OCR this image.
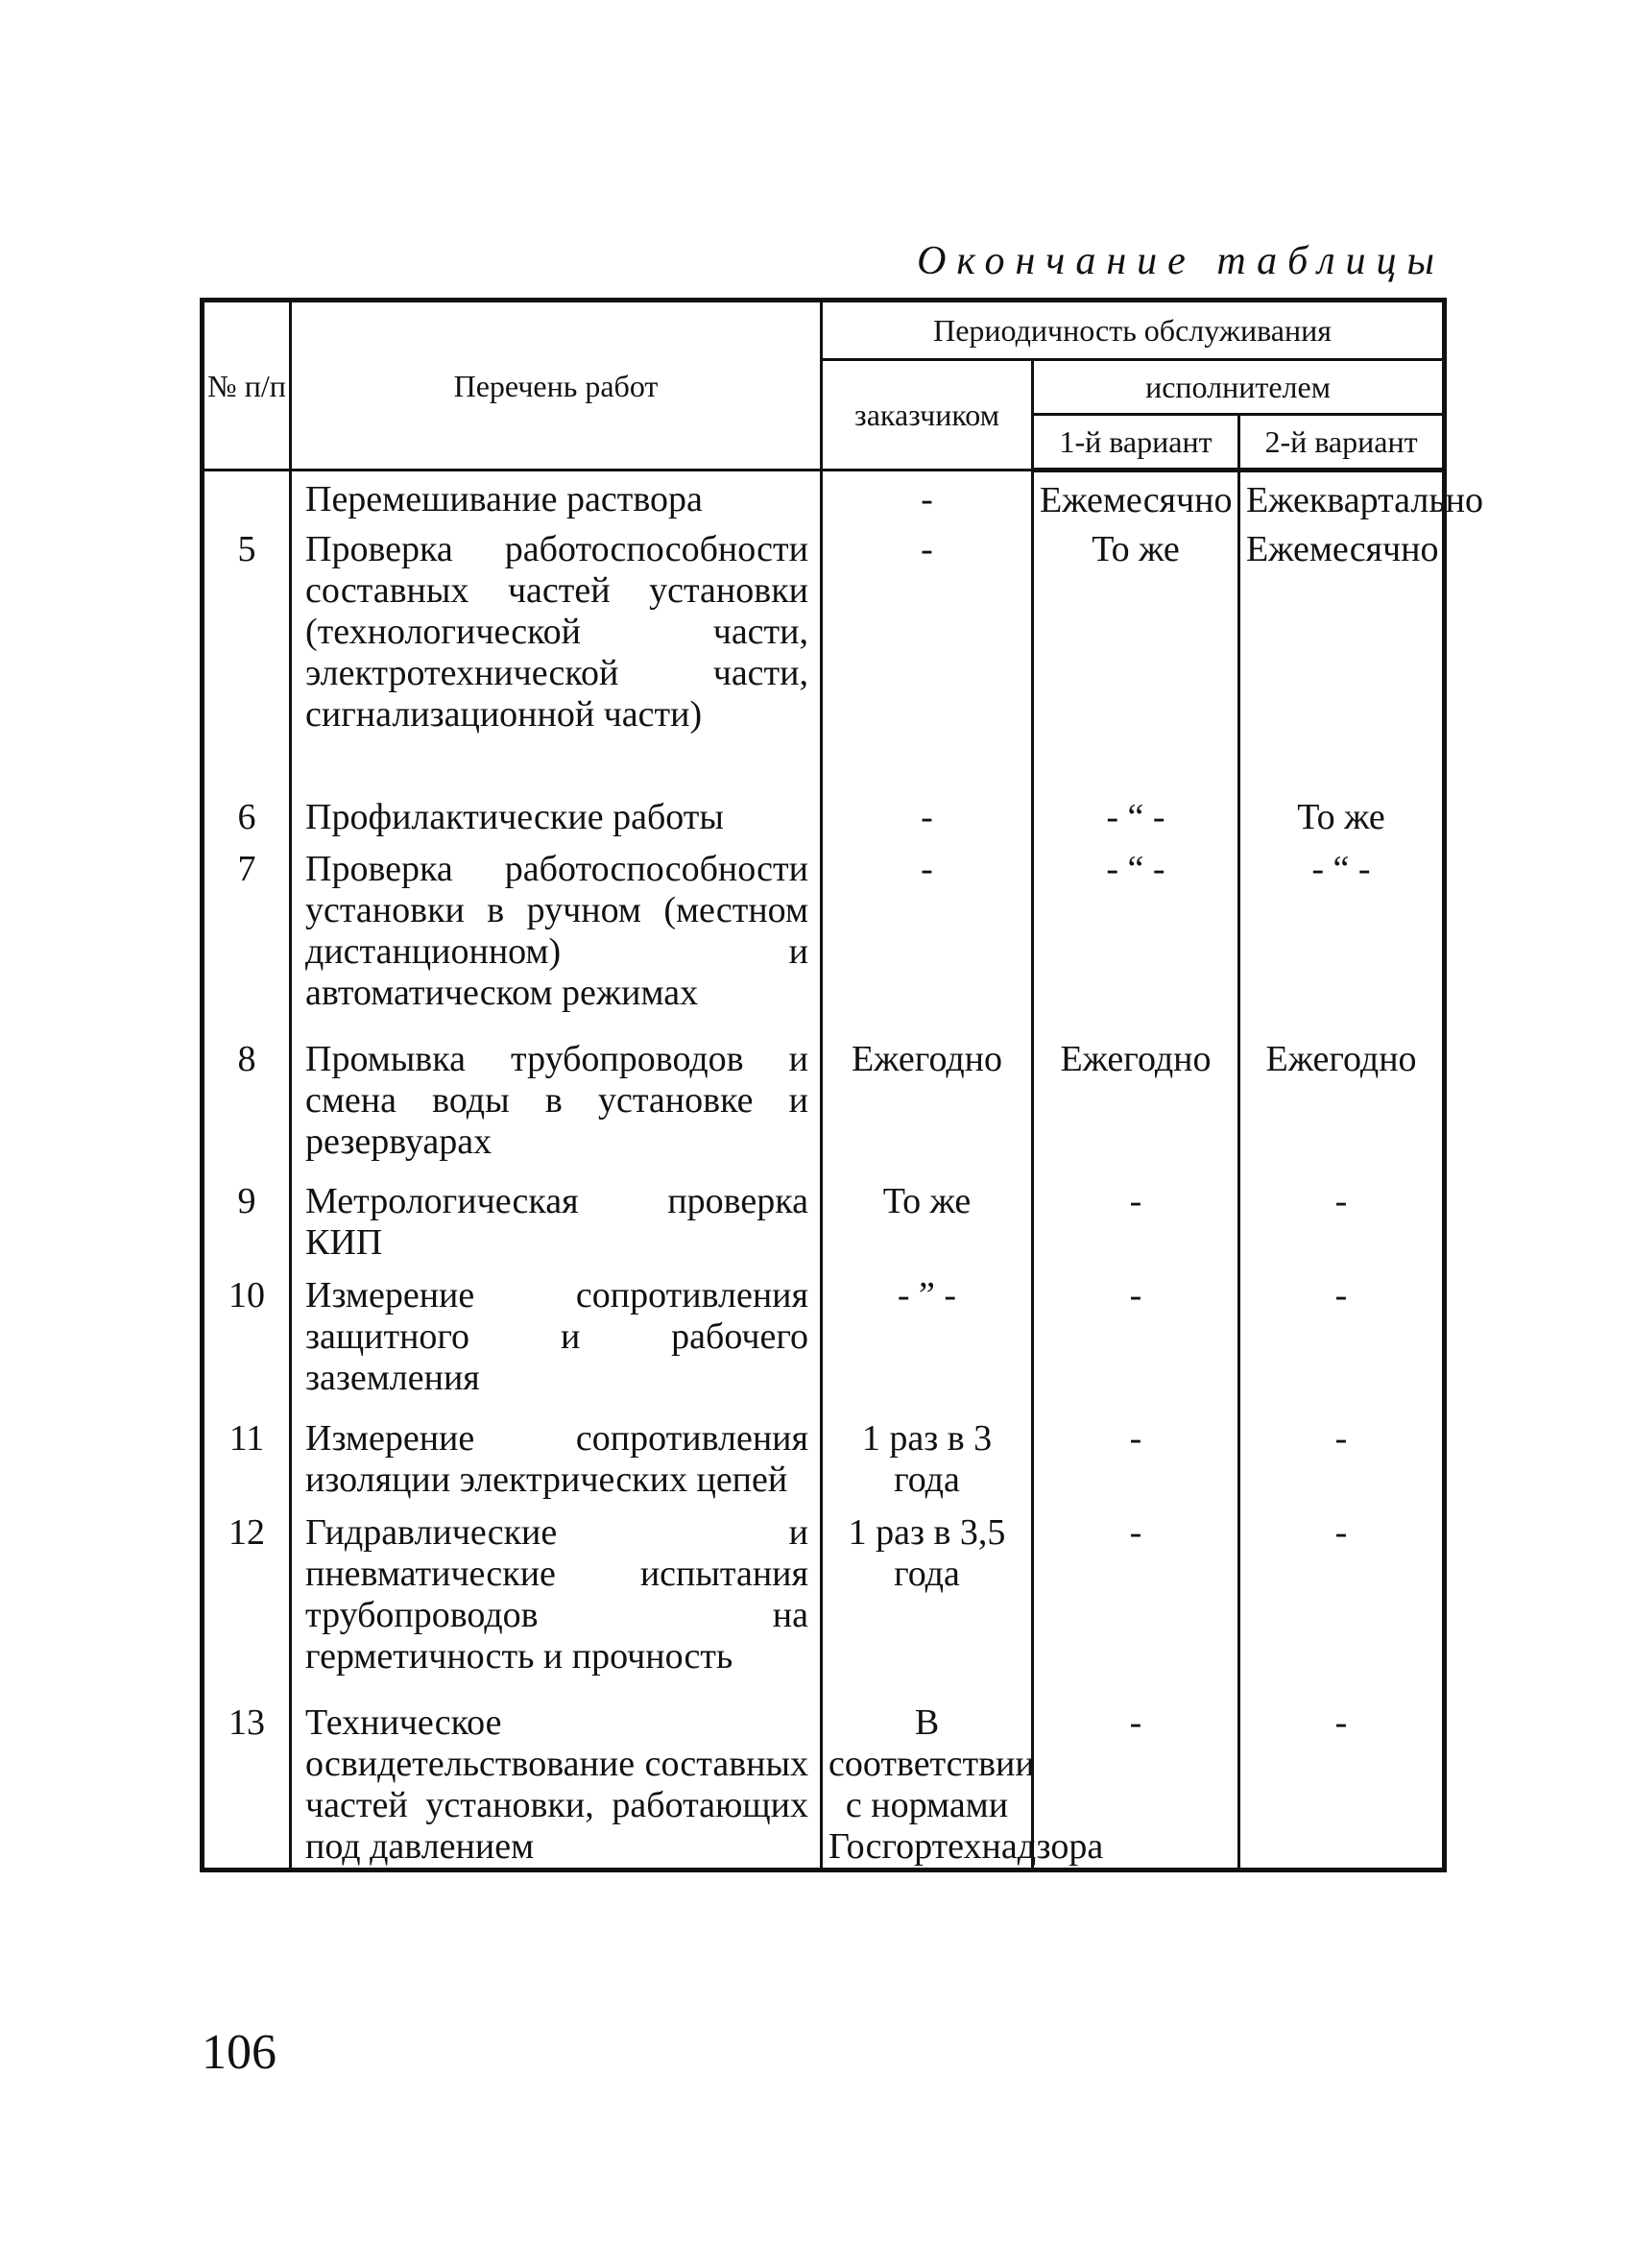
Окончание таблицы
№ п/п	Перечень работ	Периодичность обслуживания		
		заказчиком	исполнителем	
			1-й вариант	2-й вариант
	Перемешивание раствора	-	Ежемесячно	Ежеквартально
5	Проверка работоспособности составных частей установки (технологической части, электротехнической части, сигнализационной части)	-	То же	Ежемесячно
6	Профилактические работы	-	- “ -	То же
7	Проверка работоспособности установки в ручном (местном дистанционном) и автоматическом режимах	-	- “ -	- “ -
8	Промывка трубопроводов и смена воды в установке и резервуарах	Ежегодно	Ежегодно	Ежегодно
9	Метрологическая проверка КИП	То же	-	-
10	Измерение сопротивления защитного и рабочего заземления	- ” -	-	-
11	Измерение сопротивления изоляции электрических цепей	1 раз в 3 года	-	-
12	Гидравлические и пневматические испытания трубопроводов на герметичность и прочность	1 раз в 3,5 года	-	-
13	Техническое освидетельствование составных частей установки, работающих под давлением	В соответствии с нормами Госгортехнадзора	-	-
106
